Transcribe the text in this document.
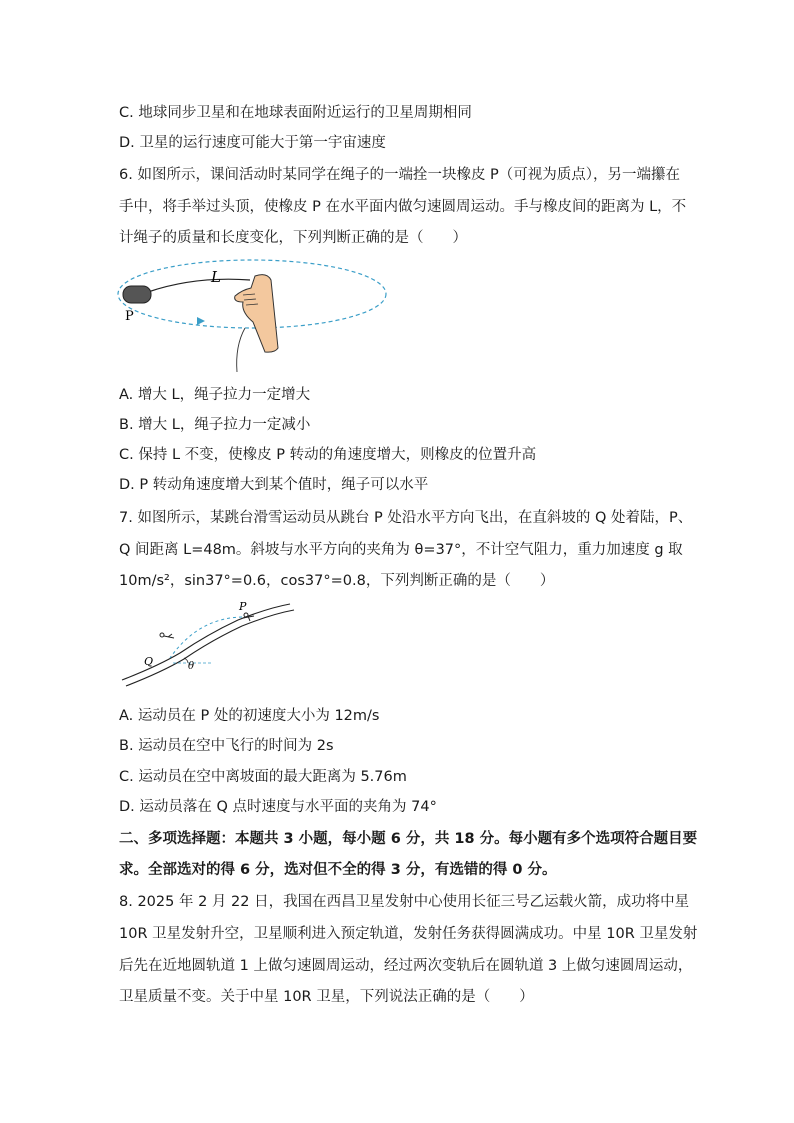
C. 地球同步卫星和在地球表面附近运行的卫星周期相同
D. 卫星的运行速度可能大于第一宇宙速度
6. 如图所示，课间活动时某同学在绳子的一端拴一块橡皮 P（可视为质点），另一端攥在
手中，将手举过头顶，使橡皮 P 在水平面内做匀速圆周运动。手与橡皮间的距离为 L，不
计绳子的质量和长度变化，下列判断正确的是（　　）
L
P
A. 增大 L，绳子拉力一定增大
B. 增大 L，绳子拉力一定减小
C. 保持 L 不变，使橡皮 P 转动的角速度增大，则橡皮的位置升高
D. P 转动角速度增大到某个值时，绳子可以水平
7. 如图所示，某跳台滑雪运动员从跳台 P 处沿水平方向飞出，在直斜坡的 Q 处着陆，P、
Q 间距离 L=48m。斜坡与水平方向的夹角为 θ=37°，不计空气阻力，重力加速度 g 取
10m/s²，sin37°=0.6，cos37°=0.8，下列判断正确的是（　　）
P
Q	θ
A. 运动员在 P 处的初速度大小为 12m/s
B. 运动员在空中飞行的时间为 2s
C. 运动员在空中离坡面的最大距离为 5.76m
D. 运动员落在 Q 点时速度与水平面的夹角为 74°
二、多项选择题：本题共 3 小题，每小题 6 分，共 18 分。每小题有多个选项符合题目要
求。全部选对的得 6 分，选对但不全的得 3 分，有选错的得 0 分。
8. 2025 年 2 月 22 日，我国在西昌卫星发射中心使用长征三号乙运载火箭，成功将中星
10R 卫星发射升空，卫星顺利进入预定轨道，发射任务获得圆满成功。中星 10R 卫星发射
后先在近地圆轨道 1 上做匀速圆周运动，经过两次变轨后在圆轨道 3 上做匀速圆周运动，
卫星质量不变。关于中星 10R 卫星，下列说法正确的是（　　）
